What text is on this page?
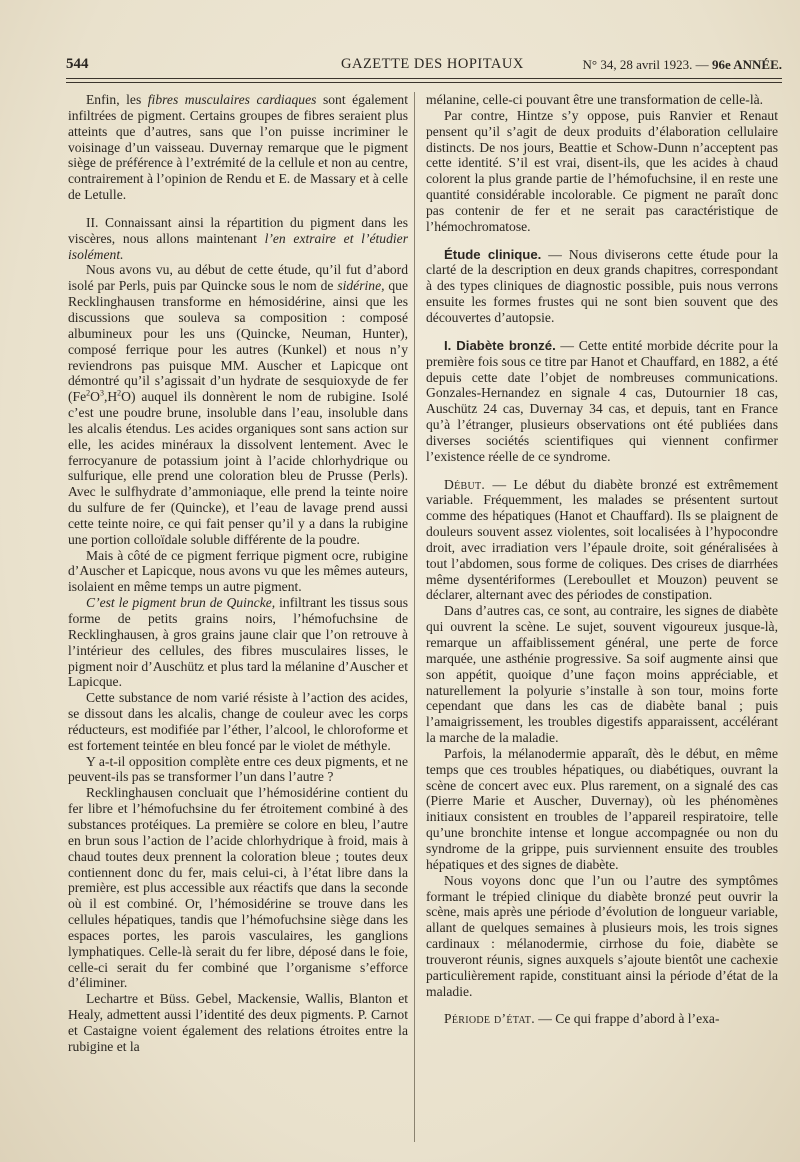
544	GAZETTE DES HOPITAUX	N° 34, 28 avril 1923. — 96e ANNÉE.

Enfin, les fibres musculaires cardiaques sont également infiltrées de pigment. Certains groupes de fibres seraient plus atteints que d’autres, sans que l’on puisse incriminer le voisinage d’un vaisseau. Duvernay remarque que le pigment siège de préférence à l’extrémité de la cellule et non au centre, contrairement à l’opinion de Rendu et E. de Massary et à celle de Letulle.

II. Connaissant ainsi la répartition du pigment dans les viscères, nous allons maintenant l’en extraire et l’étudier isolément.

Nous avons vu, au début de cette étude, qu’il fut d’abord isolé par Perls, puis par Quincke sous le nom de sidérine, que Recklinghausen transforme en hémosidérine, ainsi que les discussions que souleva sa composition : composé albumineux pour les uns (Quincke, Neuman, Hunter), composé ferrique pour les autres (Kunkel) et nous n’y reviendrons pas puisque MM. Auscher et Lapicque ont démontré qu’il s’agissait d’un hydrate de sesquioxyde de fer $(Fe^2O^3,H^2O)$ auquel ils donnèrent le nom de rubigine. Isolé c’est une poudre brune, insoluble dans l’eau, insoluble dans les alcalis étendus. Les acides organiques sont sans action sur elle, les acides minéraux la dissolvent lentement. Avec le ferrocyanure de potassium joint à l’acide chlorhydrique ou sulfurique, elle prend une coloration bleu de Prusse (Perls). Avec le sulfhydrate d’ammoniaque, elle prend la teinte noire du sulfure de fer (Quincke), et l’eau de lavage prend aussi cette teinte noire, ce qui fait penser qu’il y a dans la rubigine une portion colloïdale soluble différente de la poudre.

Mais à côté de ce pigment ferrique pigment ocre, rubigine d’Auscher et Lapicque, nous avons vu que les mêmes auteurs, isolaient en même temps un autre pigment.

C’est le pigment brun de Quincke, infiltrant les tissus sous forme de petits grains noirs, l’hémofuchsine de Recklinghausen, à gros grains jaune clair que l’on retrouve à l’intérieur des cellules, des fibres musculaires lisses, le pigment noir d’Auschütz et plus tard la mélanine d’Auscher et Lapicque.

Cette substance de nom varié résiste à l’action des acides, se dissout dans les alcalis, change de couleur avec les corps réducteurs, est modifiée par l’éther, l’alcool, le chloroforme et est fortement teintée en bleu foncé par le violet de méthyle.

Y a-t-il opposition complète entre ces deux pigments, et ne peuvent-ils pas se transformer l’un dans l’autre ?

Recklinghausen concluait que l’hémosidérine contient du fer libre et l’hémofuchsine du fer étroitement combiné à des substances protéiques. La première se colore en bleu, l’autre en brun sous l’action de l’acide chlorhydrique à froid, mais à chaud toutes deux prennent la coloration bleue ; toutes deux contiennent donc du fer, mais celui-ci, à l’état libre dans la première, est plus accessible aux réactifs que dans la seconde où il est combiné. Or, l’hémosidérine se trouve dans les cellules hépatiques, tandis que l’hémofuchsine siège dans les espaces portes, les parois vasculaires, les ganglions lymphatiques. Celle-là serait du fer libre, déposé dans le foie, celle-ci serait du fer combiné que l’organisme s’efforce d’éliminer.

Lechartre et Büss. Gebel, Mackensie, Wallis, Blanton et Healy, admettent aussi l’identité des deux pigments. P. Carnot et Castaigne voient également des relations étroites entre la rubigine et la

mélanine, celle-ci pouvant être une transformation de celle-là.

Par contre, Hintze s’y oppose, puis Ranvier et Renaut pensent qu’il s’agit de deux produits d’élaboration cellulaire distincts. De nos jours, Beattie et Schow-Dunn n’acceptent pas cette identité. S’il est vrai, disent-ils, que les acides à chaud colorent la plus grande partie de l’hémofuchsine, il en reste une quantité considérable incolorable. Ce pigment ne paraît donc pas contenir de fer et ne serait pas caractéristique de l’hémochromatose.

Étude clinique. — Nous diviserons cette étude pour la clarté de la description en deux grands chapitres, correspondant à des types cliniques de diagnostic possible, puis nous verrons ensuite les formes frustes qui ne sont bien souvent que des découvertes d’autopsie.

I. Diabète bronzé. — Cette entité morbide décrite pour la première fois sous ce titre par Hanot et Chauffard, en 1882, a été depuis cette date l’objet de nombreuses communications. Gonzales-Hernandez en signale 4 cas, Dutournier 18 cas, Auschütz 24 cas, Duvernay 34 cas, et depuis, tant en France qu’à l’étranger, plusieurs observations ont été publiées dans diverses sociétés scientifiques qui viennent confirmer l’existence réelle de ce syndrome.

Début. — Le début du diabète bronzé est extrêmement variable. Fréquemment, les malades se présentent surtout comme des hépatiques (Hanot et Chauffard). Ils se plaignent de douleurs souvent assez violentes, soit localisées à l’hypocondre droit, avec irradiation vers l’épaule droite, soit généralisées à tout l’abdomen, sous forme de coliques. Des crises de diarrhées même dysentériformes (Lereboullet et Mouzon) peuvent se déclarer, alternant avec des périodes de constipation.

Dans d’autres cas, ce sont, au contraire, les signes de diabète qui ouvrent la scène. Le sujet, souvent vigoureux jusque-là, remarque un affaiblissement général, une perte de force marquée, une asthénie progressive. Sa soif augmente ainsi que son appétit, quoique d’une façon moins appréciable, et naturellement la polyurie s’installe à son tour, moins forte cependant que dans les cas de diabète banal ; puis l’amaigrissement, les troubles digestifs apparaissent, accélérant la marche de la maladie.

Parfois, la mélanodermie apparaît, dès le début, en même temps que ces troubles hépatiques, ou diabétiques, ouvrant la scène de concert avec eux. Plus rarement, on a signalé des cas (Pierre Marie et Auscher, Duvernay), où les phénomènes initiaux consistent en troubles de l’appareil respiratoire, telle qu’une bronchite intense et longue accompagnée ou non du syndrome de la grippe, puis surviennent ensuite des troubles hépatiques et des signes de diabète.

Nous voyons donc que l’un ou l’autre des symptômes formant le trépied clinique du diabète bronzé peut ouvrir la scène, mais après une période d’évolution de longueur variable, allant de quelques semaines à plusieurs mois, les trois signes cardinaux : mélanodermie, cirrhose du foie, diabète se trouveront réunis, signes auxquels s’ajoute bientôt une cachexie particulièrement rapide, constituant ainsi la période d’état de la maladie.

Période d’état. — Ce qui frappe d’abord à l’exa-
